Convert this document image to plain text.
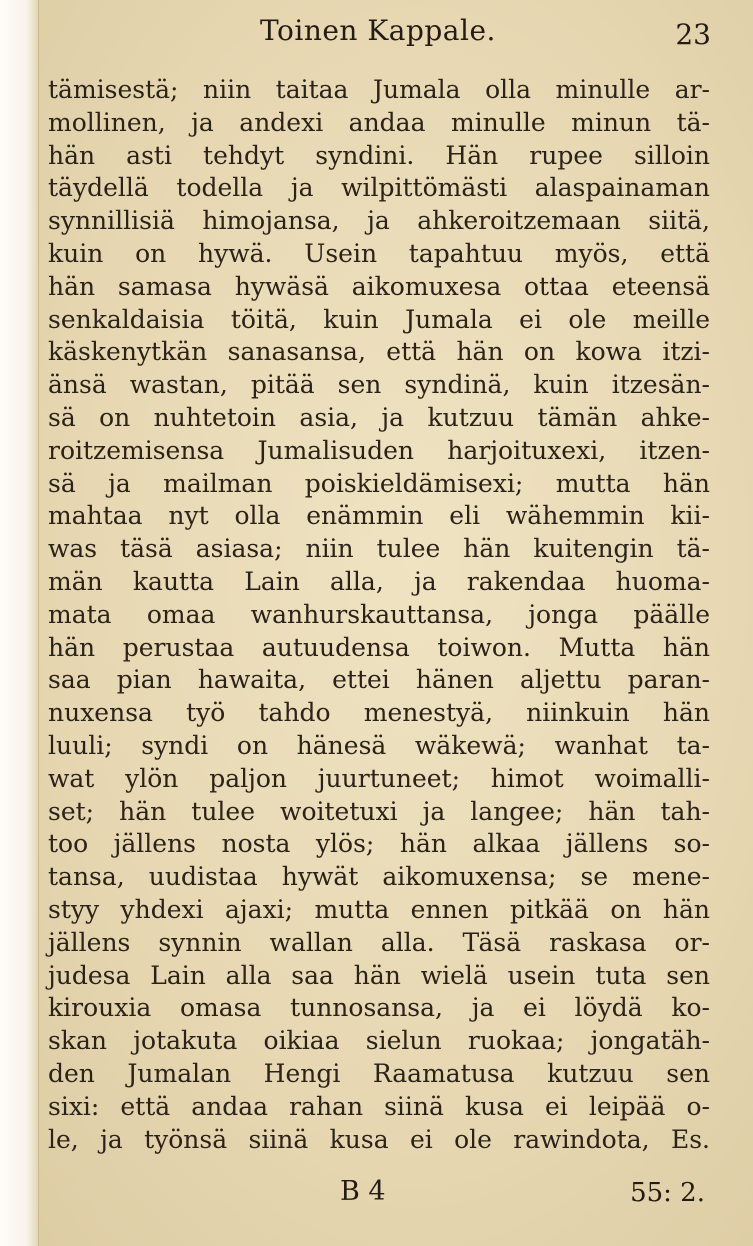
Toinen Kappale.	23
tämisestä; niin taitaa Jumala olla minulle ar-
mollinen, ja andexi andaa minulle minun tä-
hän asti tehdyt syndini. Hän rupee silloin
täydellä todella ja wilpittömästi alaspainaman
synnillisiä himojansa, ja ahkeroitzemaan siitä,
kuin on hywä. Usein tapahtuu myös, että
hän samasa hywäsä aikomuxesa ottaa eteensä
senkaldaisia töitä, kuin Jumala ei ole meille
käskenytkän sanasansa, että hän on kowa itzi-
änsä wastan, pitää sen syndinä, kuin itzesän-
sä on nuhtetoin asia, ja kutzuu tämän ahke-
roitzemisensa Jumalisuden harjoituxexi, itzen-
sä ja mailman poiskieldämisexi; mutta hän
mahtaa nyt olla enämmin eli wähemmin kii-
was täsä asiasa; niin tulee hän kuitengin tä-
män kautta Lain alla, ja rakendaa huoma-
mata omaa wanhurskauttansa, jonga päälle
hän perustaa autuudensa toiwon. Mutta hän
saa pian hawaita, ettei hänen aljettu paran-
nuxensa työ tahdo menestyä, niinkuin hän
luuli; syndi on hänesä wäkewä; wanhat ta-
wat ylön paljon juurtuneet; himot woimalli-
set; hän tulee woitetuxi ja langee; hän tah-
too jällens nosta ylös; hän alkaa jällens so-
tansa, uudistaa hywät aikomuxensa; se mene-
styy yhdexi ajaxi; mutta ennen pitkää on hän
jällens synnin wallan alla. Täsä raskasa or-
judesa Lain alla saa hän wielä usein tuta sen
kirouxia omasa tunnosansa, ja ei löydä ko-
skan jotakuta oikiaa sielun ruokaa; jongatäh-
den Jumalan Hengi Raamatusa kutzuu sen
sixi: että andaa rahan siinä kusa ei leipää o-
le, ja työnsä siinä kusa ei ole rawindota, Es.
B 4	55: 2.
